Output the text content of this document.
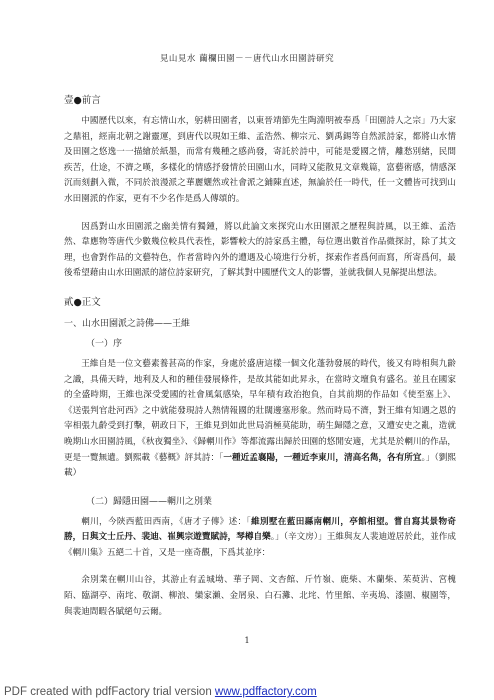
見山見水 繭欄田園－－唐代山水田園詩研究
壹●前言

中國歷代以來，有忘情山水，躬耕田園者，以東晉靖節先生陶淵明被奉爲「田園詩人之宗」乃大家之鼎祖，經南北朝之謝靈運，到唐代以現如王維、孟浩然、柳宗元、劉禹錫等自然派詩家，都將山水情及田園之悠逸一一描繪於紙墨，而常有幾種之感尚發，寄託於詩中，可能是愛國之情，離愁別緒，民間疾苦，仕途，不濟之嘆，多樣化的情感抒發情於田園山水，同時又能散見文章幾篇，富藝術感，情感深沉而刻劃入微，不同於浪漫派之華麗孋然或社會派之鋪陳直述，無論於任一時代，任一文體皆可找到山水田園派的作家，更有不少名作是爲人傳頌的。

因爲對山水田園派之幽美情有獨鍾，將以此論文來探究山水田園派之歷程與詩風，以王維、孟浩然、韋應物等唐代少數幾位較具代表性，影響較大的詩家爲主體，每位選出數首作品微探討，除了其文理，也會對作品的文藝特色，作者當時內外的遭遇及心境進行分析，探索作者爲何而寫，所寄爲何，最後希望藉由山水田園派的諸位詩家研究，了解其對中國歷代文人的影響，並就我個人見解提出想法。

貳●正文
一、山水田園派之詩佛——王維
（一）序

王維自是一位文藝素養甚高的作家，身處於盛唐這樣一個文化蓬勃發展的時代，後又有時相與九齡之識，具備天時，地利及人和的種佳發展條件，是故其能如此昇永，在當時文壇負有盛名。並且在國家的全盛時期，王維也深受愛國的社會風氣感染，早年積有政治抱負，自其前期的作品如《使至塞上》、《送張判官赴河西》之中就能發現詩人熱情報國的壯闊邊塞形象。然而時局不濟，對王維有知遇之恩的宰相張九齡受到打擊，朝政日下，王維見到如此世局消極莫能助，萌生歸隱之意，又遭安史之亂，造就晚期山水田園詩風，《秋夜獨坐》、《歸輞川作》等都流露出歸於田園的悠閒安適，尤其是於輞川的作品，更是一覽無遺。劉熙載《藝概》評其詩：「一種近孟襄陽，一種近李東川，清高名雋，各有所宜。」（劉熙載）

（二）歸隱田園——輞川之別業

輞川，今陝西藍田西南，《唐才子傳》述：「維別墅在藍田縣南輞川，亭館相望。嘗自寫其景物奇勝，日與文士丘丹、裴迪、崔興宗遊覽賦詩，琴樽自樂。」（辛文房）」王維與友人裴迪遊居於此，並作成《輞川集》五絕二十首，又是一座奇觀，下爲其並序：

余別業在輞川山谷，其游止有孟城坳、華子岡、文杏館、斤竹嶺、鹿柴、木蘭柴、茱萸沜、宮槐陌、臨湖亭、南垞、敬湖、柳浪、欒家瀨、金屑泉、白石灘、北垞、竹里館、辛夷塢、漆園、椒園等，與裴迪間暇各賦絕句云爾。

1
PDF created with pdfFactory trial version www.pdffactory.com
